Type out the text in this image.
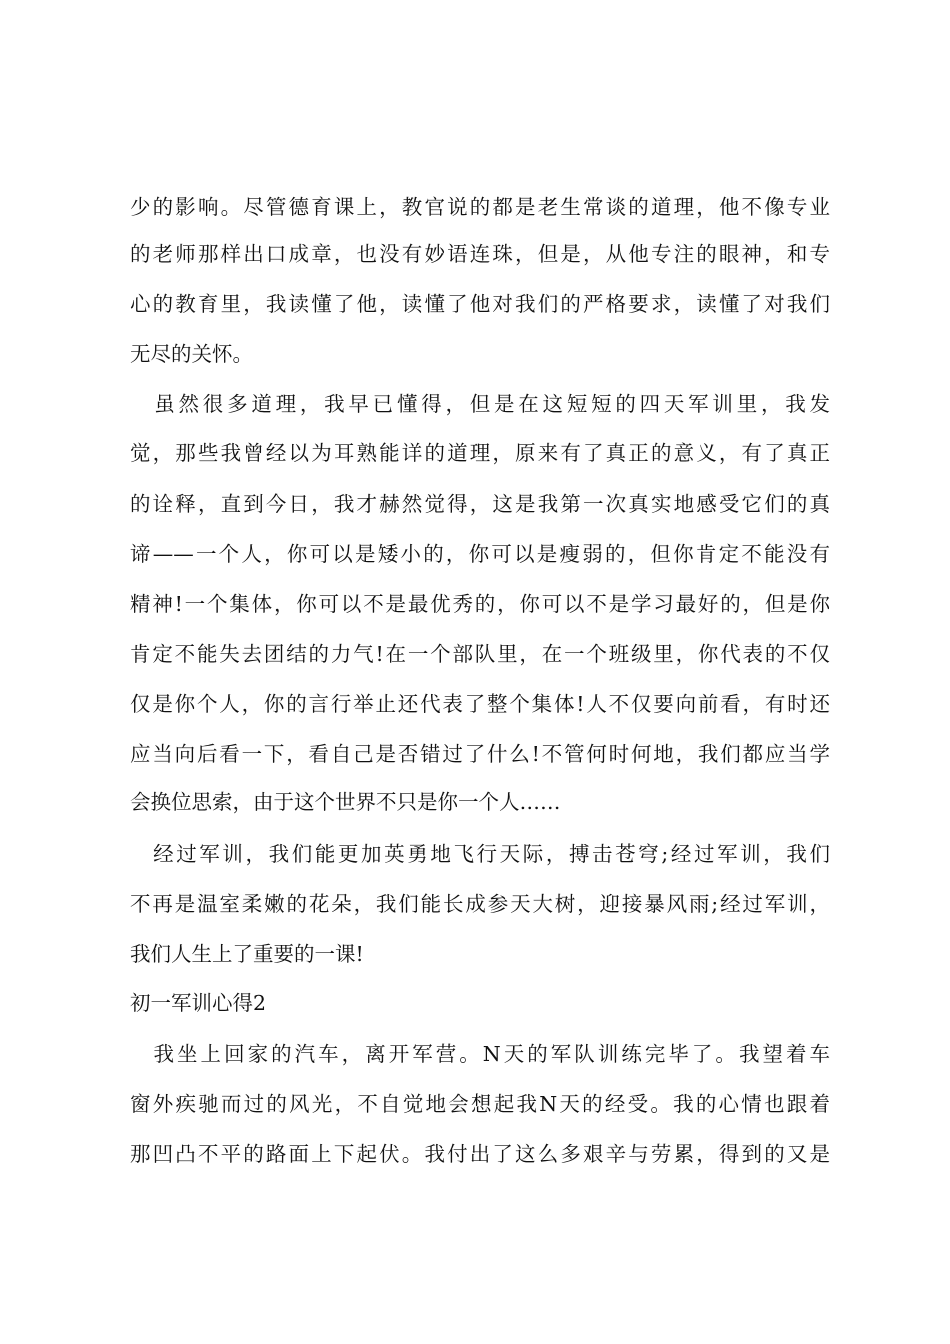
少的影响。尽管德育课上，教官说的都是老生常谈的道理，他不像专业
的老师那样出口成章，也没有妙语连珠，但是，从他专注的眼神，和专
心的教育里，我读懂了他，读懂了他对我们的严格要求，读懂了对我们
无尽的关怀。
　虽然很多道理，我早已懂得，但是在这短短的四天军训里，我发
觉，那些我曾经以为耳熟能详的道理，原来有了真正的意义，有了真正
的诠释，直到今日，我才赫然觉得，这是我第一次真实地感受它们的真
谛——一个人，你可以是矮小的，你可以是瘦弱的，但你肯定不能没有
精神!一个集体，你可以不是最优秀的，你可以不是学习最好的，但是你
肯定不能失去团结的力气!在一个部队里，在一个班级里，你代表的不仅
仅是你个人，你的言行举止还代表了整个集体!人不仅要向前看，有时还
应当向后看一下，看自己是否错过了什么!不管何时何地，我们都应当学
会换位思索，由于这个世界不只是你一个人……
　经过军训，我们能更加英勇地飞行天际，搏击苍穹;经过军训，我们
不再是温室柔嫩的花朵，我们能长成参天大树，迎接暴风雨;经过军训，
我们人生上了重要的一课!
初一军训心得2
　我坐上回家的汽车，离开军营。N天的军队训练完毕了。我望着车
窗外疾驰而过的风光，不自觉地会想起我N天的经受。我的心情也跟着
那凹凸不平的路面上下起伏。我付出了这么多艰辛与劳累，得到的又是
